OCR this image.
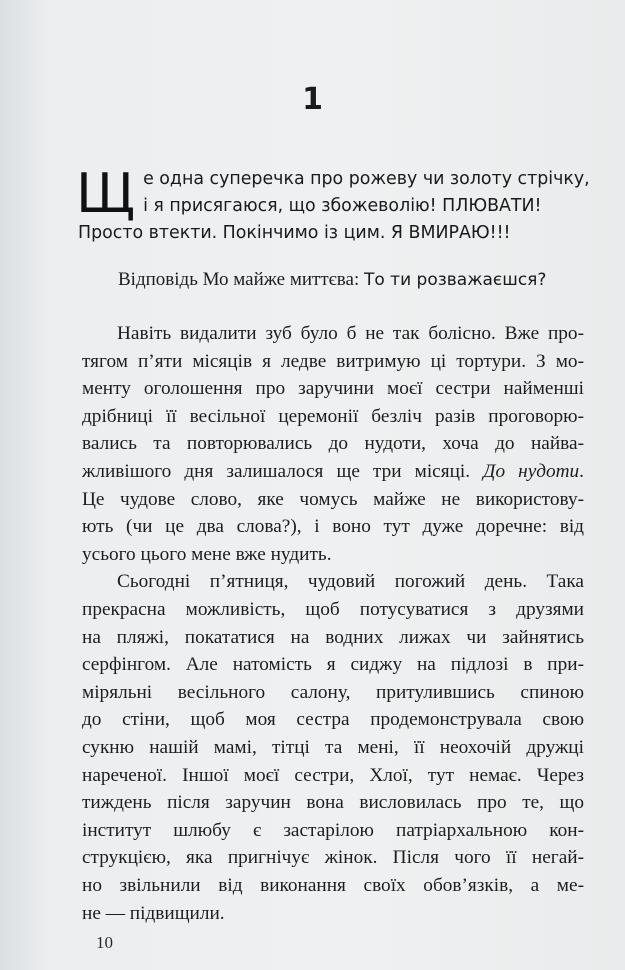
1
Щ е одна суперечка про рожеву чи золоту стрічку, і я присягаюся, що збожеволію! ПЛЮВАТИ! Просто втекти. Покінчимо із цим. Я ВМИРАЮ!!!
Відповідь Мо майже миттєва: То ти розважаєшся?
Навіть видалити зуб було б не так болісно. Вже про-
тягом п’яти місяців я ледве витримую ці тортури. З мо-
менту оголошення про заручини моєї сестри найменші
дрібниці її весільної церемонії безліч разів проговорю-
вались та повторювались до нудоти, хоча до найва-
жливішого дня залишалося ще три місяці. До нудоти.
Це чудове слово, яке чомусь майже не використову-
ють (чи це два слова?), і воно тут дуже доречне: від
усього цього мене вже нудить.
Сьогодні п’ятниця, чудовий погожий день. Така
прекрасна можливість, щоб потусуватися з друзями
на пляжі, покататися на водних лижах чи зайнятись
серфінгом. Але натомість я сиджу на підлозі в при-
міряльні весільного салону, притулившись спиною
до стіни, щоб моя сестра продемонструвала свою
сукню нашій мамі, тітці та мені, її неохочій дружці
нареченої. Іншої моєї сестри, Хлої, тут немає. Через
тиждень після заручин вона висловилась про те, що
інститут шлюбу є застарілою патріархальною кон-
струкцією, яка пригнічує жінок. Після чого її негай-
но звільнили від виконання своїх обов’язків, а ме-
не — підвищили.
10
